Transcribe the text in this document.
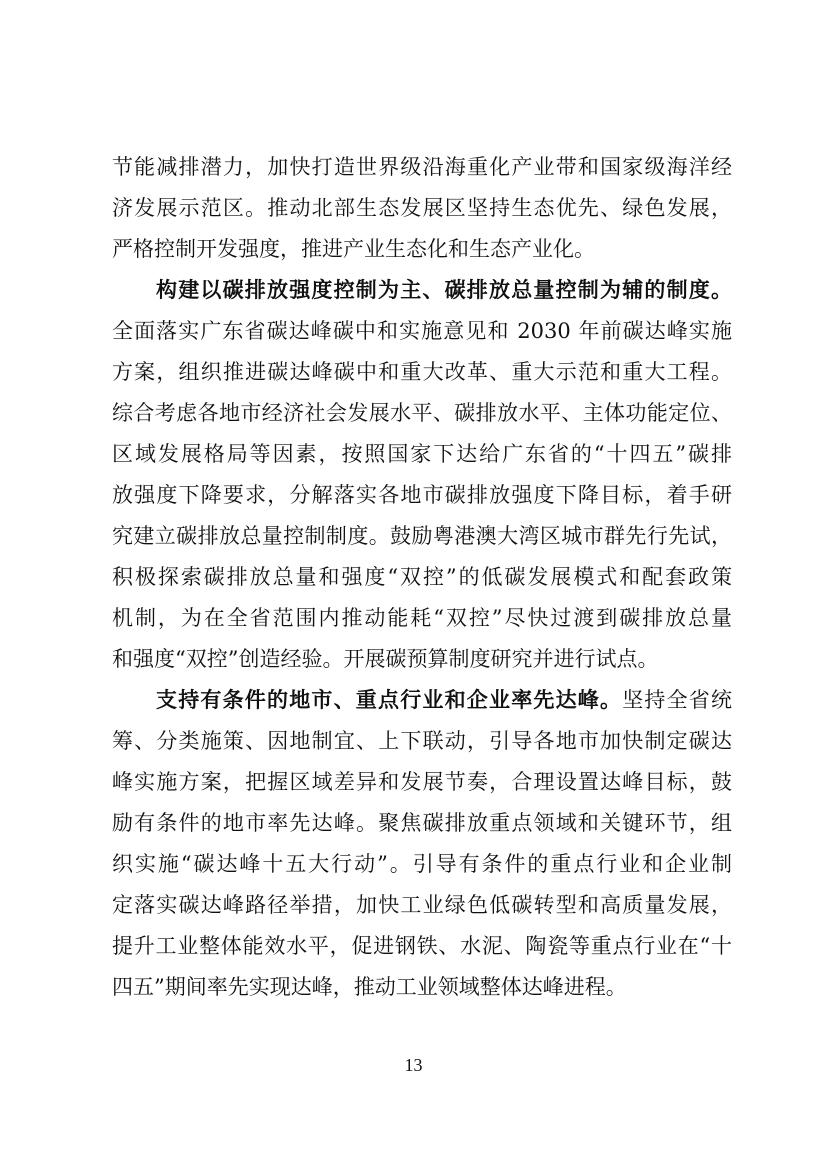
节能减排潜力，加快打造世界级沿海重化产业带和国家级海洋经
济发展示范区。推动北部生态发展区坚持生态优先、绿色发展，
严格控制开发强度，推进产业生态化和生态产业化。
构建以碳排放强度控制为主、碳排放总量控制为辅的制度。
全面落实广东省碳达峰碳中和实施意见和 2030 年前碳达峰实施
方案，组织推进碳达峰碳中和重大改革、重大示范和重大工程。
综合考虑各地市经济社会发展水平、碳排放水平、主体功能定位、
区域发展格局等因素，按照国家下达给广东省的“十四五”碳排
放强度下降要求，分解落实各地市碳排放强度下降目标，着手研
究建立碳排放总量控制制度。鼓励粤港澳大湾区城市群先行先试，
积极探索碳排放总量和强度“双控”的低碳发展模式和配套政策
机制，为在全省范围内推动能耗“双控”尽快过渡到碳排放总量
和强度“双控”创造经验。开展碳预算制度研究并进行试点。
支持有条件的地市、重点行业和企业率先达峰。坚持全省统
筹、分类施策、因地制宜、上下联动，引导各地市加快制定碳达
峰实施方案，把握区域差异和发展节奏，合理设置达峰目标，鼓
励有条件的地市率先达峰。聚焦碳排放重点领域和关键环节，组
织实施“碳达峰十五大行动”。引导有条件的重点行业和企业制
定落实碳达峰路径举措，加快工业绿色低碳转型和高质量发展，
提升工业整体能效水平，促进钢铁、水泥、陶瓷等重点行业在“十
四五”期间率先实现达峰，推动工业领域整体达峰进程。
13
